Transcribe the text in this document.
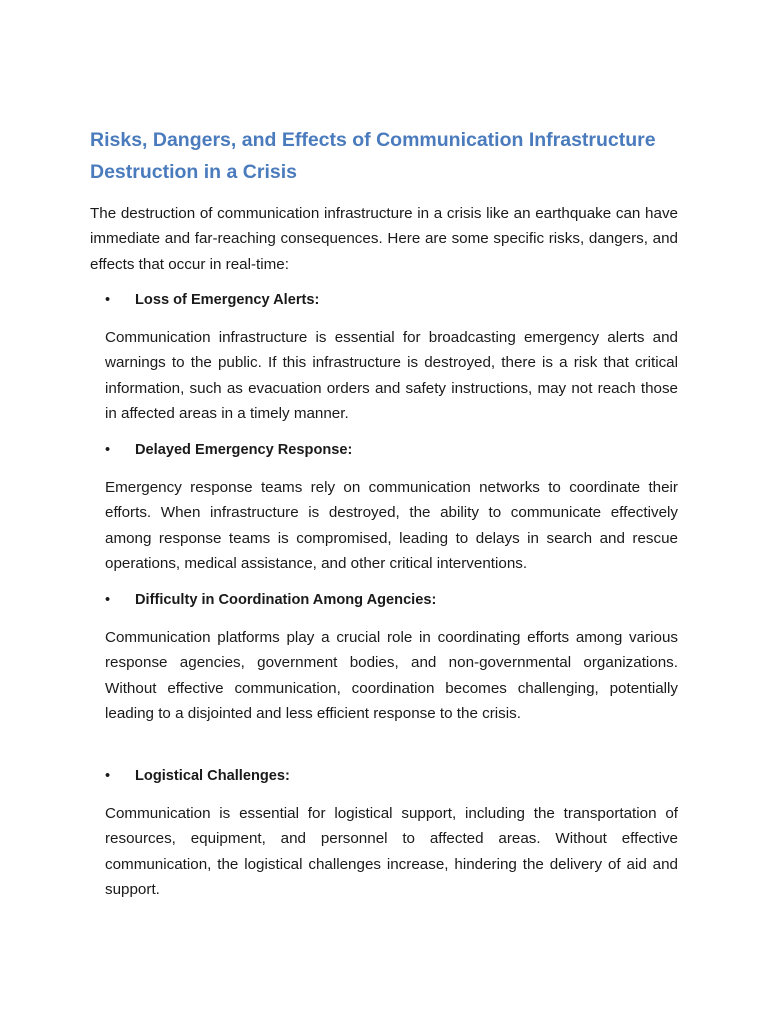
Risks, Dangers, and Effects of Communication Infrastructure Destruction in a Crisis

The destruction of communication infrastructure in a crisis like an earthquake can have immediate and far-reaching consequences. Here are some specific risks, dangers, and effects that occur in real-time:

• Loss of Emergency Alerts:

Communication infrastructure is essential for broadcasting emergency alerts and warnings to the public. If this infrastructure is destroyed, there is a risk that critical information, such as evacuation orders and safety instructions, may not reach those in affected areas in a timely manner.

• Delayed Emergency Response:

Emergency response teams rely on communication networks to coordinate their efforts. When infrastructure is destroyed, the ability to communicate effectively among response teams is compromised, leading to delays in search and rescue operations, medical assistance, and other critical interventions.

• Difficulty in Coordination Among Agencies:

Communication platforms play a crucial role in coordinating efforts among various response agencies, government bodies, and non-governmental organizations. Without effective communication, coordination becomes challenging, potentially leading to a disjointed and less efficient response to the crisis.

• Logistical Challenges:

Communication is essential for logistical support, including the transportation of resources, equipment, and personnel to affected areas. Without effective communication, the logistical challenges increase, hindering the delivery of aid and support.
